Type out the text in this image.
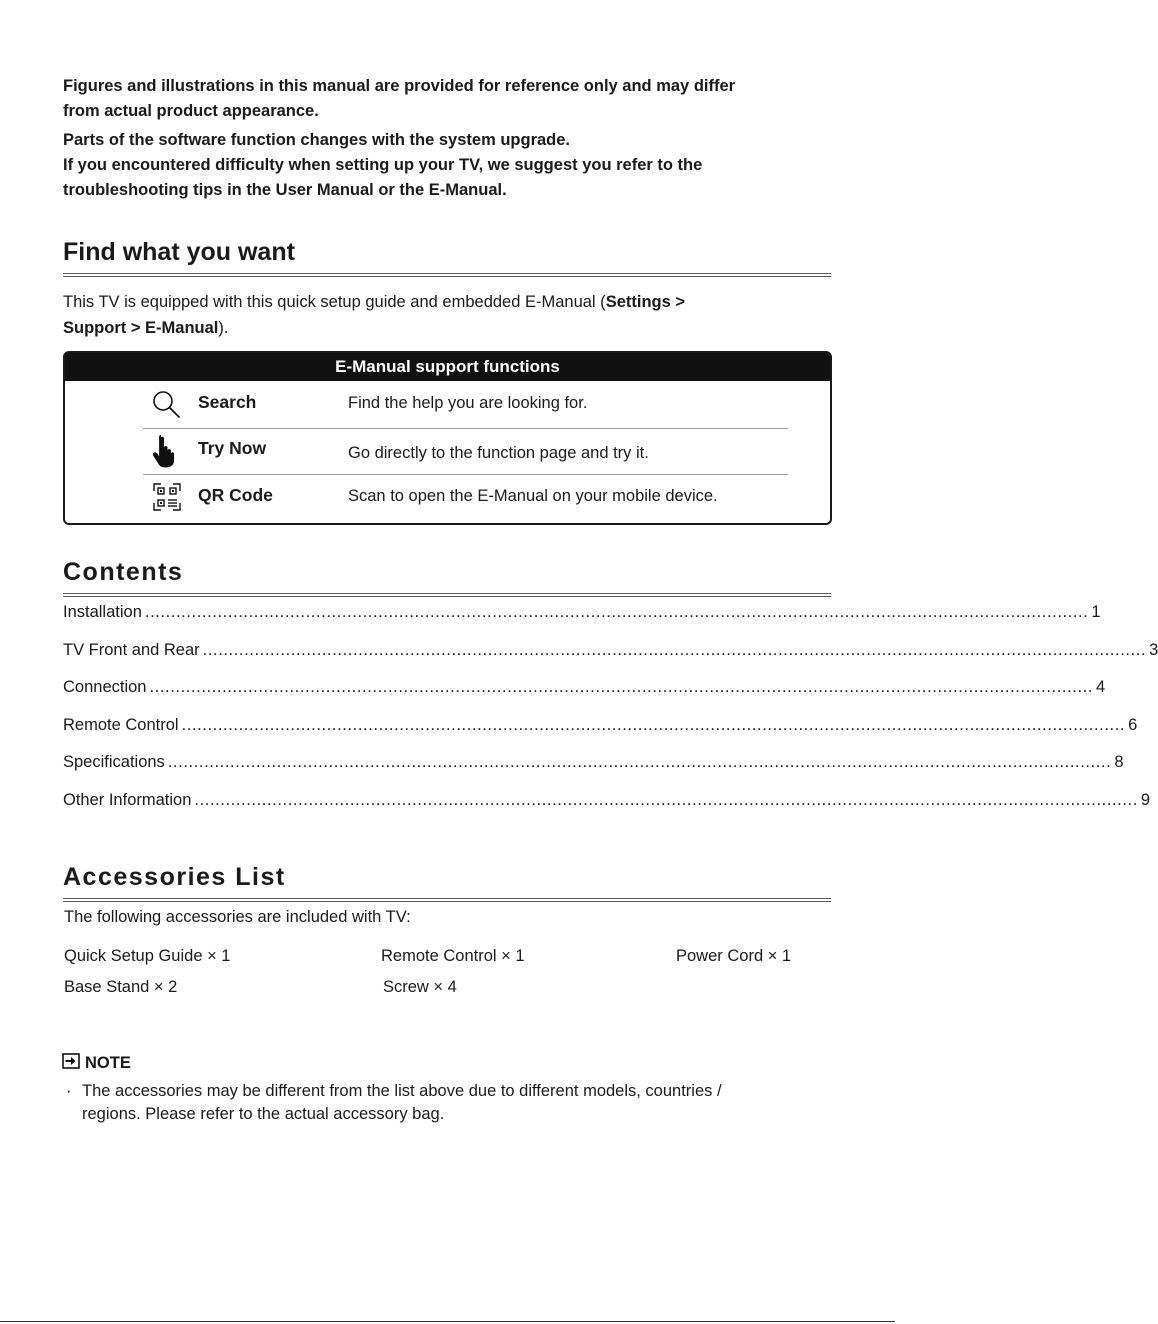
Figures and illustrations in this manual are provided for reference only and may differ

from actual product appearance.

Parts of the software function changes with the system upgrade.

If you encountered difficulty when setting up your TV, we suggest you refer to the

troubleshooting tips in the User Manual or the E-Manual.

Find what you want
This TV is equipped with this quick setup guide and embedded E-Manual (Settings >
Support > E-Manual).
E-Manual support functions
Search	Find the help you are looking for.
Try Now	Go directly to the function page and try it.
QR Code	Scan to open the E-Manual on your mobile device.
Contents
Installation ...................................................................................................................................................................................... 1
TV Front and Rear ...................................................................................................................................................................................... 3
Connection ...................................................................................................................................................................................... 4
Remote Control ...................................................................................................................................................................................... 6
Specifications ...................................................................................................................................................................................... 8
Other Information ...................................................................................................................................................................................... 9
Accessories List
The following accessories are included with TV:
Quick Setup Guide × 1	Remote Control × 1	Power Cord × 1
Base Stand × 2	Screw × 4
NOTE
· The accessories may be different from the list above due to different models, countries /
regions. Please refer to the actual accessory bag.
